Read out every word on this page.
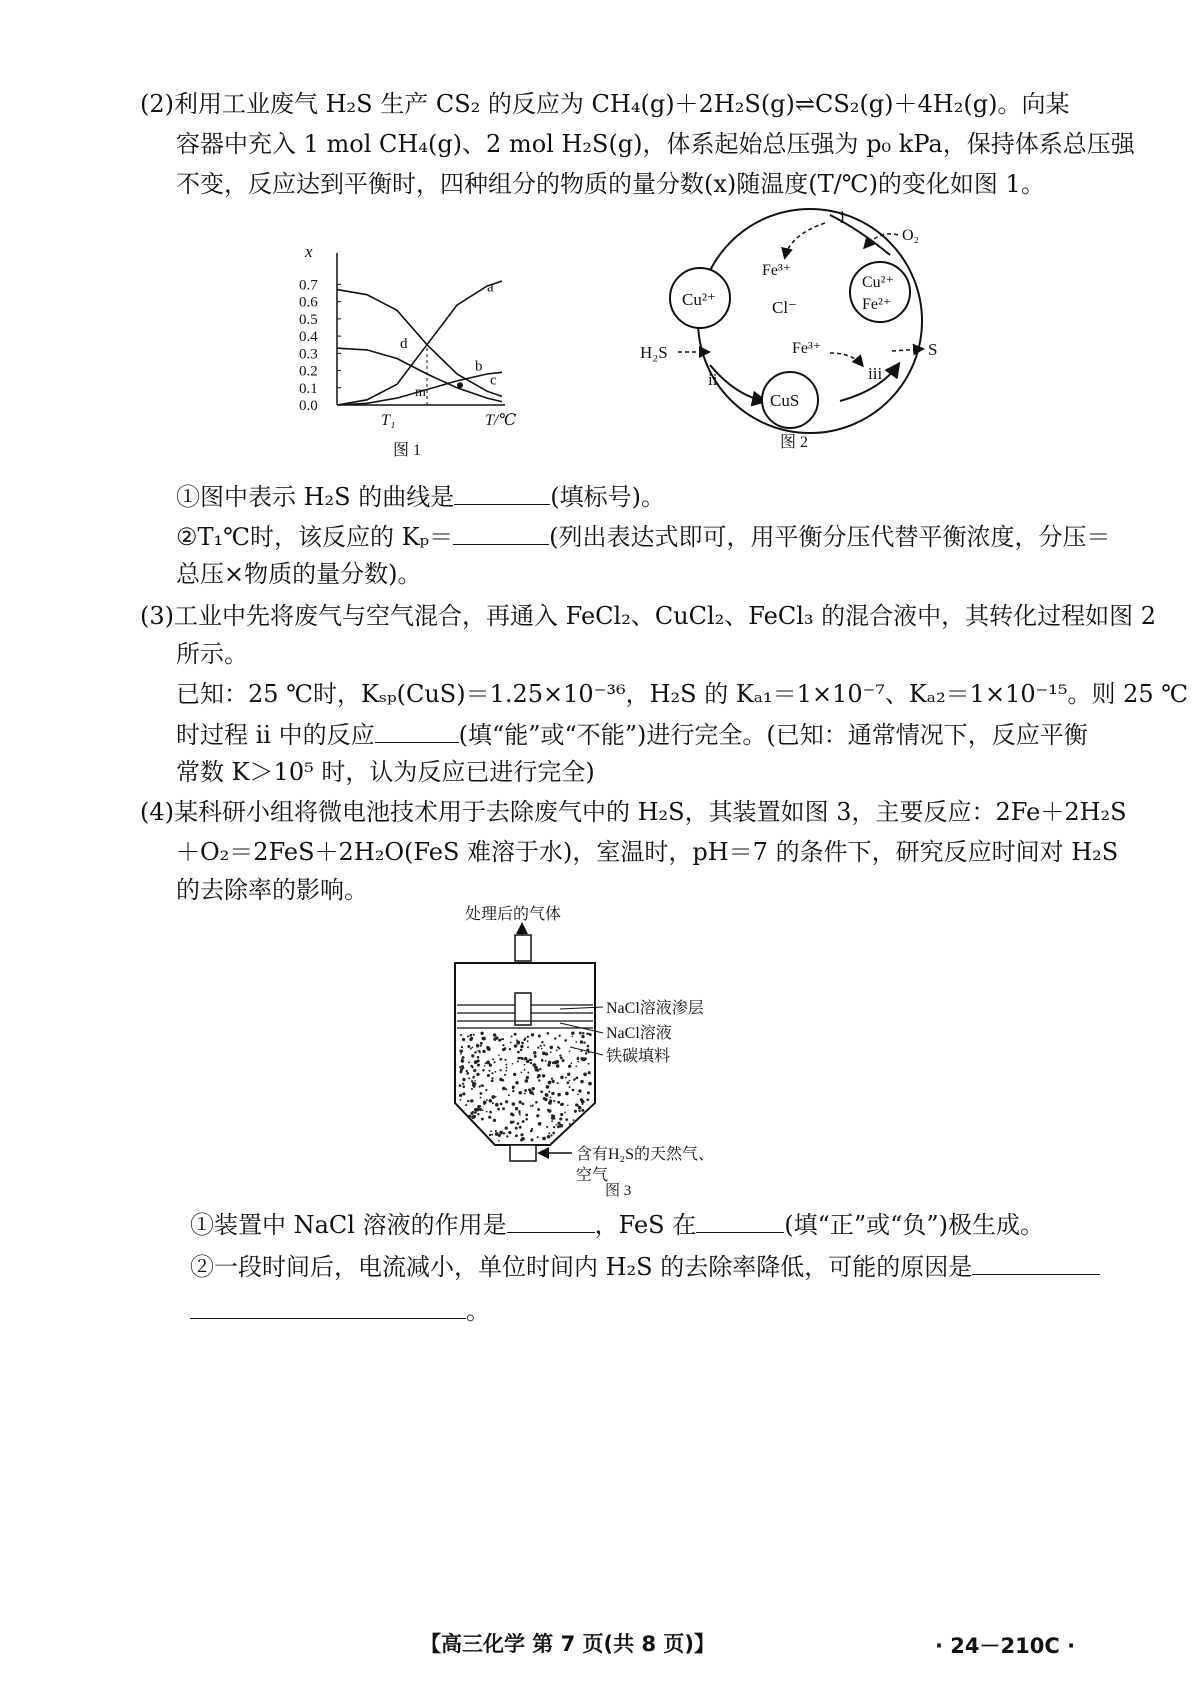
(2)利用工业废气 H₂S 生产 CS₂ 的反应为 CH₄(g)＋2H₂S(g)⇌CS₂(g)＋4H₂(g)。向某
容器中充入 1 mol CH₄(g)、2 mol H₂S(g)，体系起始总压强为 p₀ kPa，保持体系总压强
不变，反应达到平衡时，四种组分的物质的量分数(x)随温度(T/℃)的变化如图 1。
0.0
0.1
0.2
0.3
0.4
0.5
0.6
0.7	a
b
c
d
x
T/℃
T₁
m
图 1
Cu²⁺
CuS
Cu²⁺
Fe²⁺
Fe³⁺
Cl⁻
Fe³⁺
H₂S
O₂
S
i
ii	iii
图 2
①图中表示 H₂S 的曲线是	(填标号)。
②T₁℃时，该反应的 Kₚ＝	(列出表达式即可，用平衡分压代替平衡浓度，分压＝
总压×物质的量分数)。
(3)工业中先将废气与空气混合，再通入 FeCl₂、CuCl₂、FeCl₃ 的混合液中，其转化过程如图 2
所示。
已知：25 ℃时，Kₛₚ(CuS)＝1.25×10⁻³⁶，H₂S 的 Kₐ₁＝1×10⁻⁷、Kₐ₂＝1×10⁻¹⁵。则 25 ℃
时过程 ii 中的反应	(填“能”或“不能”)进行完全。(已知：通常情况下，反应平衡
常数 K＞10⁵ 时，认为反应已进行完全)
(4)某科研小组将微电池技术用于去除废气中的 H₂S，其装置如图 3，主要反应：2Fe＋2H₂S
＋O₂＝2FeS＋2H₂O(FeS 难溶于水)，室温时，pH＝7 的条件下，研究反应时间对 H₂S
的去除率的影响。
处理后的气体
NaCl溶液渗层
NaCl溶液
铁碳填料
含有H₂S的天然气、
空气
图 3
①装置中 NaCl 溶液的作用是	，FeS 在	(填“正”或“负”)极生成。
②一段时间后，电流减小，单位时间内 H₂S 的去除率降低，可能的原因是
。
【高三化学 第 7 页(共 8 页)】	· 24－210C ·
